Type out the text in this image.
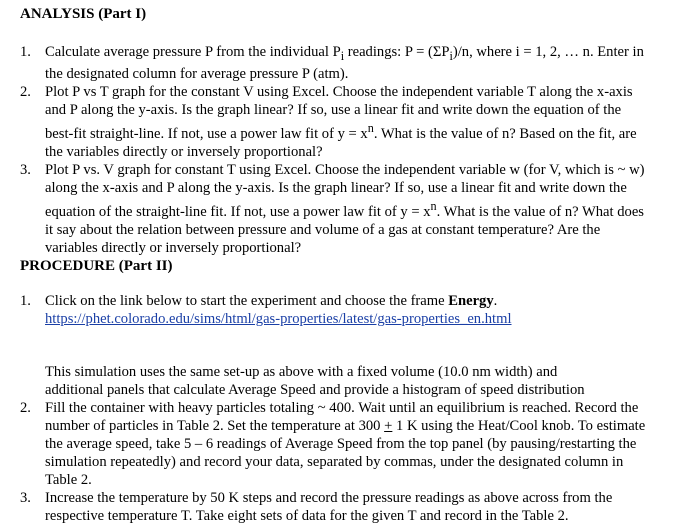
ANALYSIS (Part I)
1. Calculate average pressure P from the individual $P_i$ readings: $P = (\Sigma P_i)/n$, where i = 1, 2, … n. Enter in the designated column for average pressure P (atm).
2. Plot P vs T graph for the constant V using Excel. Choose the independent variable T along the x-axis and P along the y-axis. Is the graph linear? If so, use a linear fit and write down the equation of the best-fit straight-line. If not, use a power law fit of $y = x^n$. What is the value of n? Based on the fit, are the variables directly or inversely proportional?
3. Plot P vs. V graph for constant T using Excel. Choose the independent variable w (for V, which is ~ w) along the x-axis and P along the y-axis. Is the graph linear? If so, use a linear fit and write down the equation of the straight-line fit. If not, use a power law fit of $y = x^n$. What is the value of n? What does it say about the relation between pressure and volume of a gas at constant temperature? Are the variables directly or inversely proportional?
PROCEDURE (Part II)
1. Click on the link below to start the experiment and choose the frame Energy.
https://phet.colorado.edu/sims/html/gas-properties/latest/gas-properties_en.html
This simulation uses the same set-up as above with a fixed volume (10.0 nm width) and additional panels that calculate Average Speed and provide a histogram of speed distribution
2. Fill the container with heavy particles totaling ~ 400. Wait until an equilibrium is reached. Record the number of particles in Table 2. Set the temperature at 300 + 1 K using the Heat/Cool knob. To estimate the average speed, take 5 – 6 readings of Average Speed from the top panel (by pausing/restarting the simulation repeatedly) and record your data, separated by commas, under the designated column in Table 2.
3. Increase the temperature by 50 K steps and record the pressure readings as above across from the respective temperature T. Take eight sets of data for the given T and record in the Table 2.
